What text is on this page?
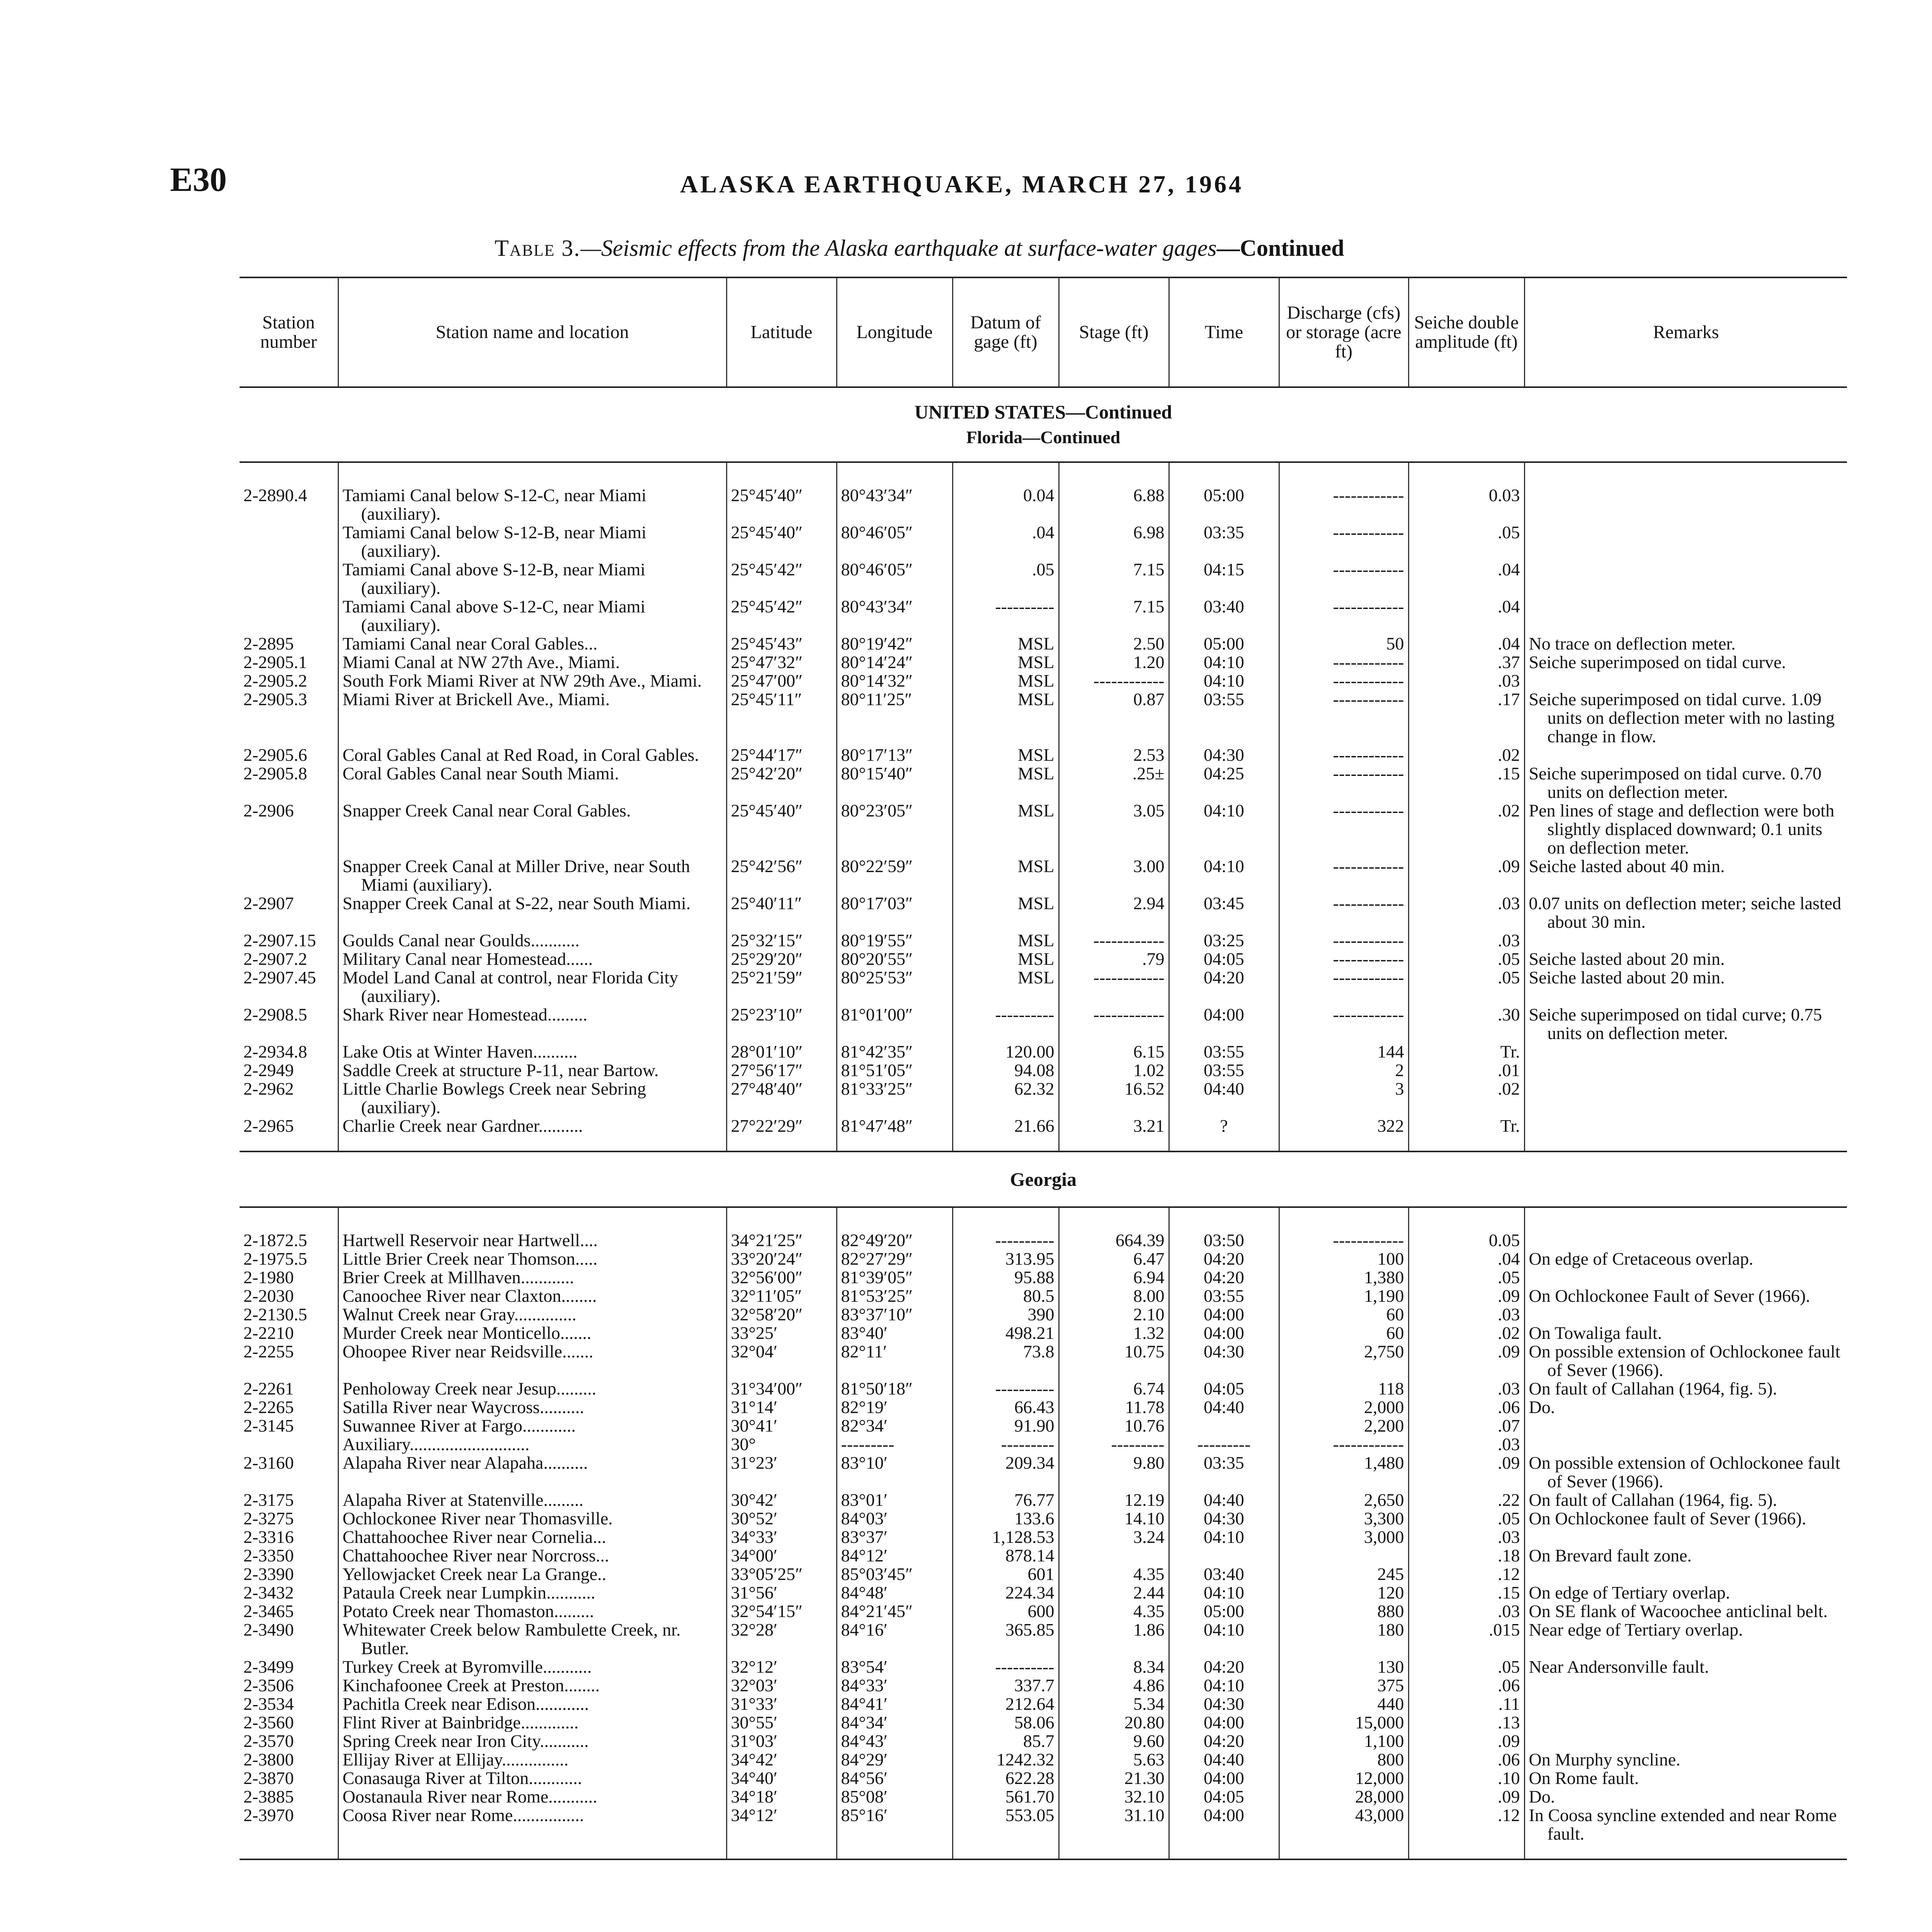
E30	ALASKA EARTHQUAKE, MARCH 27, 1964
Table 3.—Seismic effects from the Alaska earthquake at surface-water gages—Continued
Station number	Station name and location	Latitude	Longitude	Datum of gage (ft)	Stage (ft)	Time	Discharge (cfs) or storage (acre ft)	Seiche double amplitude (ft)	Remarks
UNITED STATES—Continued
Florida—Continued									

2-2890.4	Tamiami Canal below S-12-C, near Miami (auxiliary).	25°45′40″	80°43′34″	0.04	6.88	05:00	------------	0.03	

	Tamiami Canal below S-12-B, near Miami (auxiliary).	25°45′40″	80°46′05″	.04	6.98	03:35	------------	.05	

	Tamiami Canal above S-12-B, near Miami (auxiliary).	25°45′42″	80°46′05″	.05	7.15	04:15	------------	.04	

	Tamiami Canal above S-12-C, near Miami (auxiliary).	25°45′42″	80°43′34″	----------	7.15	03:40	------------	.04	

2-2895	Tamiami Canal near Coral Gables...	25°45′43″	80°19′42″	MSL	2.50	05:00	50	.04	No trace on deflection meter.

2-2905.1	Miami Canal at NW 27th Ave., Miami.	25°47′32″	80°14′24″	MSL	1.20	04:10	------------	.37	Seiche superimposed on tidal curve.

2-2905.2	South Fork Miami River at NW 29th Ave., Miami.	25°47′00″	80°14′32″	MSL	------------	04:10	------------	.03	

2-2905.3	Miami River at Brickell Ave., Miami.	25°45′11″	80°11′25″	MSL	0.87	03:55	------------	.17	Seiche superimposed on tidal curve. 1.09 units on deflection meter with no lasting change in flow.

2-2905.6	Coral Gables Canal at Red Road, in Coral Gables.	25°44′17″	80°17′13″	MSL	2.53	04:30	------------	.02	

2-2905.8	Coral Gables Canal near South Miami.	25°42′20″	80°15′40″	MSL	.25±	04:25	------------	.15	Seiche superimposed on tidal curve. 0.70 units on deflection meter.

2-2906	Snapper Creek Canal near Coral Gables.	25°45′40″	80°23′05″	MSL	3.05	04:10	------------	.02	Pen lines of stage and deflection were both slightly displaced downward; 0.1 units on deflection meter.

	Snapper Creek Canal at Miller Drive, near South Miami (auxiliary).	25°42′56″	80°22′59″	MSL	3.00	04:10	------------	.09	Seiche lasted about 40 min.

2-2907	Snapper Creek Canal at S-22, near South Miami.	25°40′11″	80°17′03″	MSL	2.94	03:45	------------	.03	0.07 units on deflection meter; seiche lasted about 30 min.

2-2907.15	Goulds Canal near Goulds...........	25°32′15″	80°19′55″	MSL	------------	03:25	------------	.03	

2-2907.2	Military Canal near Homestead......	25°29′20″	80°20′55″	MSL	.79	04:05	------------	.05	Seiche lasted about 20 min.

2-2907.45	Model Land Canal at control, near Florida City (auxiliary).	25°21′59″	80°25′53″	MSL	------------	04:20	------------	.05	Seiche lasted about 20 min.

2-2908.5	Shark River near Homestead.........	25°23′10″	81°01′00″	----------	------------	04:00	------------	.30	Seiche superimposed on tidal curve; 0.75 units on deflection meter.

2-2934.8	Lake Otis at Winter Haven..........	28°01′10″	81°42′35″	120.00	6.15	03:55	144	Tr.	

2-2949	Saddle Creek at structure P-11, near Bartow.	27°56′17″	81°51′05″	94.08	1.02	03:55	2	.01	

2-2962	Little Charlie Bowlegs Creek near Sebring (auxiliary).	27°48′40″	81°33′25″	62.32	16.52	04:40	3	.02	

2-2965	Charlie Creek near Gardner..........	27°22′29″	81°47′48″	21.66	3.21	?	322	Tr.	

Georgia									

2-1872.5	Hartwell Reservoir near Hartwell....	34°21′25″	82°49′20″	----------	664.39	03:50	------------	0.05	

2-1975.5	Little Brier Creek near Thomson.....	33°20′24″	82°27′29″	313.95	6.47	04:20	100	.04	On edge of Cretaceous overlap.

2-1980	Brier Creek at Millhaven............	32°56′00″	81°39′05″	95.88	6.94	04:20	1,380	.05	

2-2030	Canoochee River near Claxton........	32°11′05″	81°53′25″	80.5	8.00	03:55	1,190	.09	On Ochlockonee Fault of Sever (1966).

2-2130.5	Walnut Creek near Gray..............	32°58′20″	83°37′10″	390	2.10	04:00	60	.03	

2-2210	Murder Creek near Monticello.......	33°25′	83°40′	498.21	1.32	04:00	60	.02	On Towaliga fault.

2-2255	Ohoopee River near Reidsville.......	32°04′	82°11′	73.8	10.75	04:30	2,750	.09	On possible extension of Ochlockonee fault of Sever (1966).

2-2261	Penholoway Creek near Jesup.........	31°34′00″	81°50′18″	----------	6.74	04:05	118	.03	On fault of Callahan (1964, fig. 5).

2-2265	Satilla River near Waycross..........	31°14′	82°19′	66.43	11.78	04:40	2,000	.06	Do.

2-3145	Suwannee River at Fargo............	30°41′	82°34′	91.90	10.76		2,200	.07	

	Auxiliary...........................	30°	---------	---------	---------	---------	------------	.03	

2-3160	Alapaha River near Alapaha..........	31°23′	83°10′	209.34	9.80	03:35	1,480	.09	On possible extension of Ochlockonee fault of Sever (1966).

2-3175	Alapaha River at Statenville.........	30°42′	83°01′	76.77	12.19	04:40	2,650	.22	On fault of Callahan (1964, fig. 5).

2-3275	Ochlockonee River near Thomasville.	30°52′	84°03′	133.6	14.10	04:30	3,300	.05	On Ochlockonee fault of Sever (1966).

2-3316	Chattahoochee River near Cornelia...	34°33′	83°37′	1,128.53	3.24	04:10	3,000	.03	

2-3350	Chattahoochee River near Norcross...	34°00′	84°12′	878.14				.18	On Brevard fault zone.

2-3390	Yellowjacket Creek near La Grange..	33°05′25″	85°03′45″	601	4.35	03:40	245	.12	

2-3432	Pataula Creek near Lumpkin...........	31°56′	84°48′	224.34	2.44	04:10	120	.15	On edge of Tertiary overlap.

2-3465	Potato Creek near Thomaston.........	32°54′15″	84°21′45″	600	4.35	05:00	880	.03	On SE flank of Wacoochee anticlinal belt.

2-3490	Whitewater Creek below Rambulette Creek, nr. Butler.	32°28′	84°16′	365.85	1.86	04:10	180	.015	Near edge of Tertiary overlap.

2-3499	Turkey Creek at Byromville...........	32°12′	83°54′	----------	8.34	04:20	130	.05	Near Andersonville fault.

2-3506	Kinchafoonee Creek at Preston........	32°03′	84°33′	337.7	4.86	04:10	375	.06	

2-3534	Pachitla Creek near Edison............	31°33′	84°41′	212.64	5.34	04:30	440	.11	

2-3560	Flint River at Bainbridge.............	30°55′	84°34′	58.06	20.80	04:00	15,000	.13	

2-3570	Spring Creek near Iron City...........	31°03′	84°43′	85.7	9.60	04:20	1,100	.09	

2-3800	Ellijay River at Ellijay...............	34°42′	84°29′	1242.32	5.63	04:40	800	.06	On Murphy syncline.

2-3870	Conasauga River at Tilton............	34°40′	84°56′	622.28	21.30	04:00	12,000	.10	On Rome fault.

2-3885	Oostanaula River near Rome...........	34°18′	85°08′	561.70	32.10	04:05	28,000	.09	Do.

2-3970	Coosa River near Rome................	34°12′	85°16′	553.05	31.10	04:00	43,000	.12	In Coosa syncline extended and near Rome fault.
